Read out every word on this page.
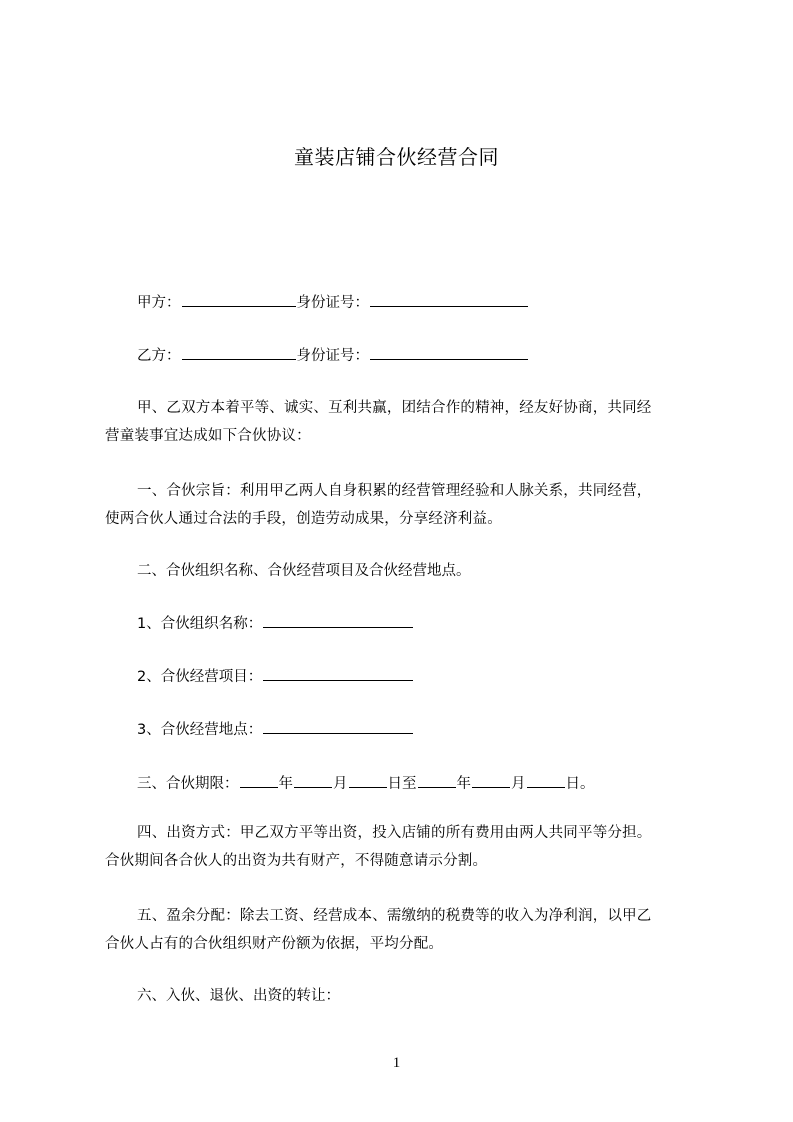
童装店铺合伙经营合同
甲方：	身份证号：
乙方：	身份证号：
甲、乙双方本着平等、诚实、互利共赢，团结合作的精神，经友好协商，共同经
营童装事宜达成如下合伙协议：
一、合伙宗旨：利用甲乙两人自身积累的经营管理经验和人脉关系，共同经营，
使两合伙人通过合法的手段，创造劳动成果，分享经济利益。
二、合伙组织名称、合伙经营项目及合伙经营地点。
1、合伙组织名称：
2、合伙经营项目：
3、合伙经营地点：
三、合伙期限：	年	月	日至	年	月	日。
四、出资方式：甲乙双方平等出资，投入店铺的所有费用由两人共同平等分担。
合伙期间各合伙人的出资为共有财产，不得随意请示分割。
五、盈余分配：除去工资、经营成本、需缴纳的税费等的收入为净利润，以甲乙
合伙人占有的合伙组织财产份额为依据，平均分配。
六、入伙、退伙、出资的转让：
1
